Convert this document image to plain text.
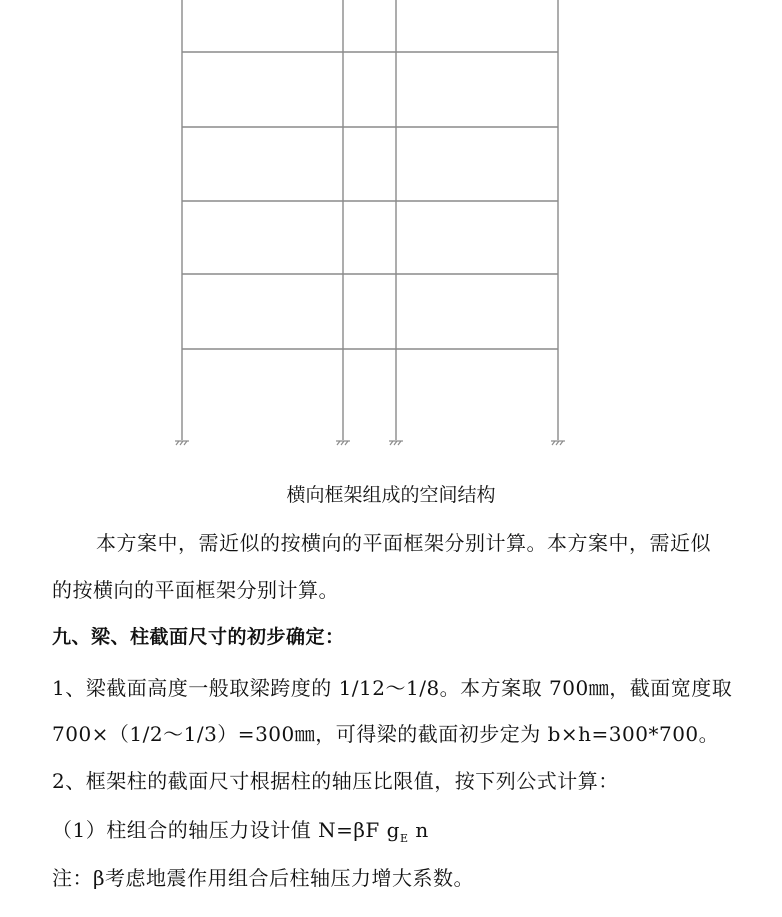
横向框架组成的空间结构
本方案中，需近似的按横向的平面框架分别计算。本方案中，需近似
的按横向的平面框架分别计算。
九、梁、柱截面尺寸的初步确定：
1、梁截面高度一般取梁跨度的 1/12～1/8。本方案取 700㎜，截面宽度取
700×（1/2～1/3）=300㎜，可得梁的截面初步定为 b×h=300*700。
2、框架柱的截面尺寸根据柱的轴压比限值，按下列公式计算：
（1）柱组合的轴压力设计值 N=βF $g_E$ n
注：β考虑地震作用组合后柱轴压力增大系数。
